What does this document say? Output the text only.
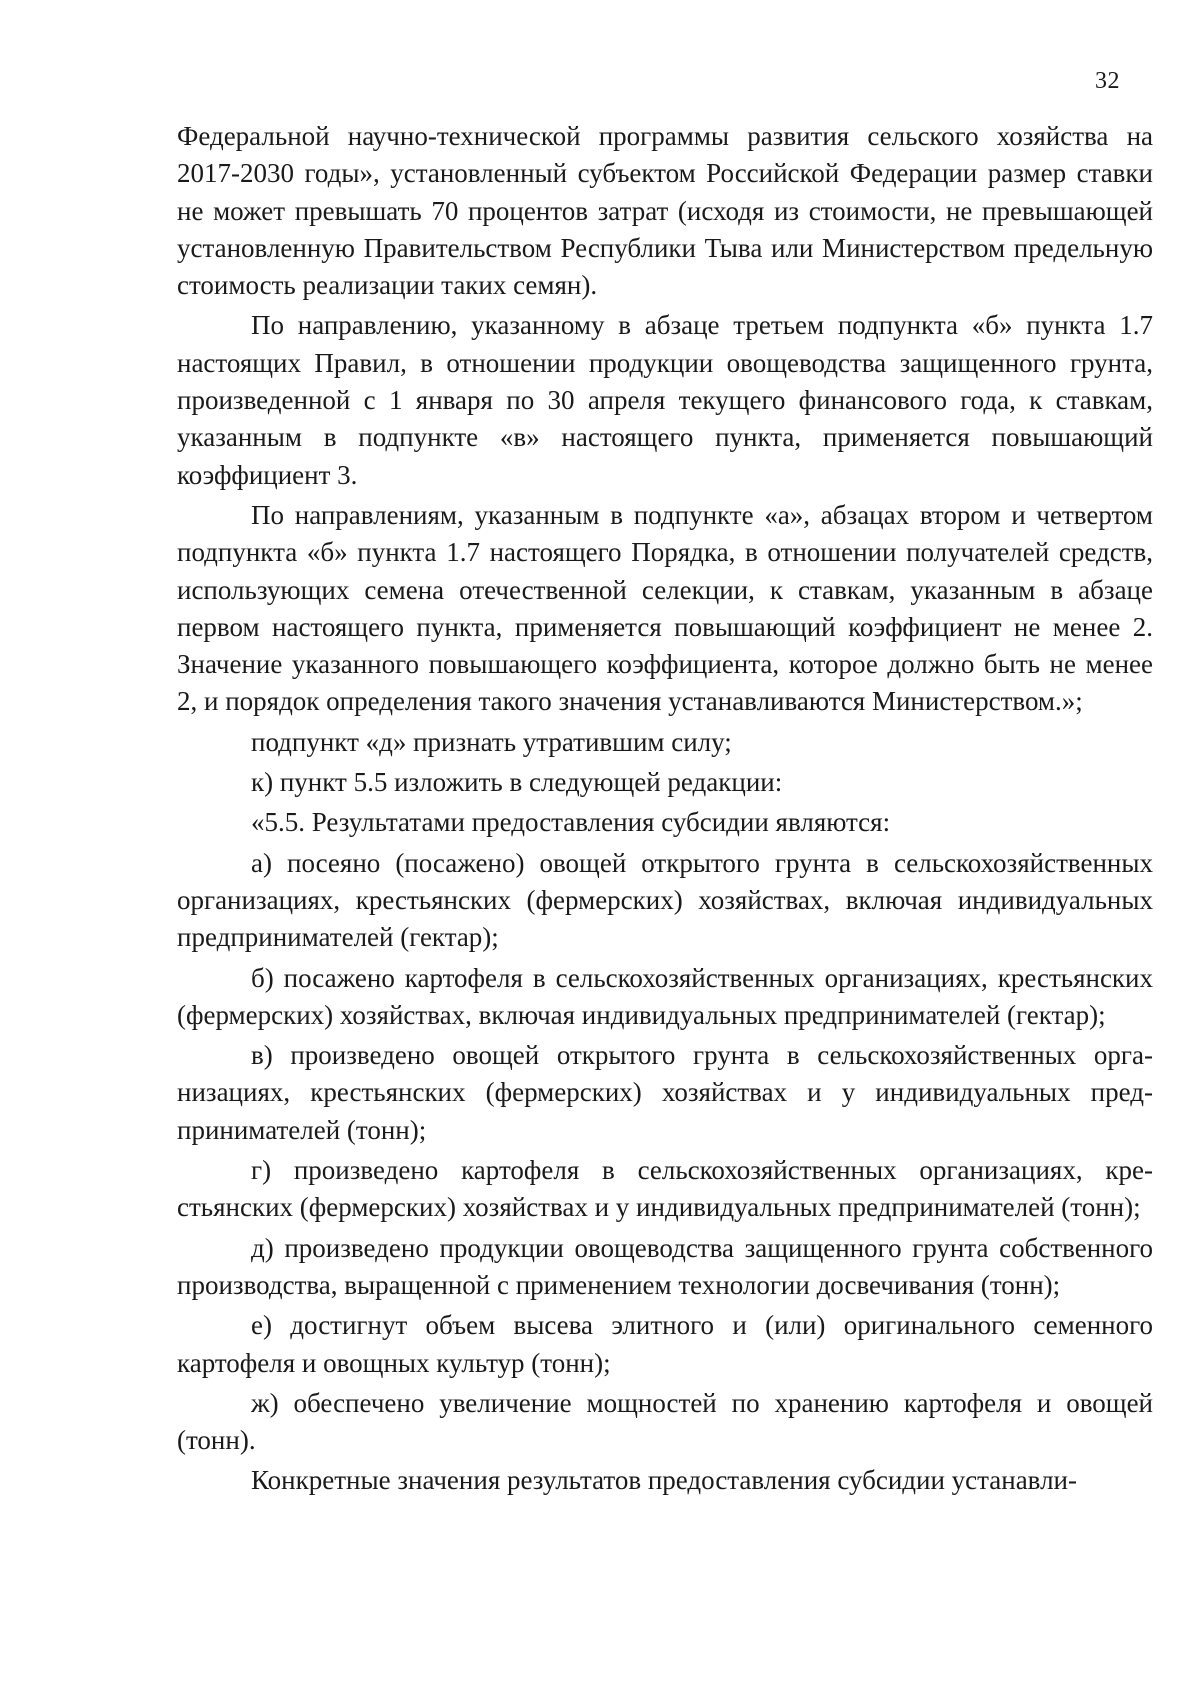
32

Федеральной научно-технической программы развития сельского хозяйства на 2017-2030 годы», установленный субъектом Российской Федерации размер ставки не может превышать 70 процентов затрат (исходя из стоимости, не превышающей установленную Правительством Республики Тыва или Министерством предельную стоимость реализации таких семян).

По направлению, указанному в абзаце третьем подпункта «б» пункта 1.7 настоящих Правил, в отношении продукции овощеводства защищенного грунта, произведенной с 1 января по 30 апреля текущего финансового года, к ставкам, указанным в подпункте «в» настоящего пункта, применяется повышающий коэффициент 3.

По направлениям, указанным в подпункте «а», абзацах втором и четвертом подпункта «б» пункта 1.7 настоящего Порядка, в отношении получателей средств, использующих семена отечественной селекции, к ставкам, указанным в абзаце первом настоящего пункта, применяется повышающий коэффициент не менее 2. Значение указанного повышающего коэффициента, которое должно быть не менее 2, и порядок определения такого значения устанавливаются Министерством.»;

подпункт «д» признать утратившим силу;

к) пункт 5.5 изложить в следующей редакции:

«5.5. Результатами предоставления субсидии являются:

а) посеяно (посажено) овощей открытого грунта в сельскохозяйственных организациях, крестьянских (фермерских) хозяйствах, включая индивидуальных предпринимателей (гектар);

б) посажено картофеля в сельскохозяйственных организациях, крестьянских (фермерских) хозяйствах, включая индивидуальных предпринимателей (гектар);

в) произведено овощей открытого грунта в сельскохозяйственных организациях, крестьянских (фермерских) хозяйствах и у индивидуальных предпринимателей (тонн);

г) произведено картофеля в сельскохозяйственных организациях, крестьянских (фермерских) хозяйствах и у индивидуальных предпринимателей (тонн);

д) произведено продукции овощеводства защищенного грунта собственного производства, выращенной с применением технологии досвечивания (тонн);

е) достигнут объем высева элитного и (или) оригинального семенного картофеля и овощных культур (тонн);

ж) обеспечено увеличение мощностей по хранению картофеля и овощей (тонн).

Конкретные значения результатов предоставления субсидии устанавли-
